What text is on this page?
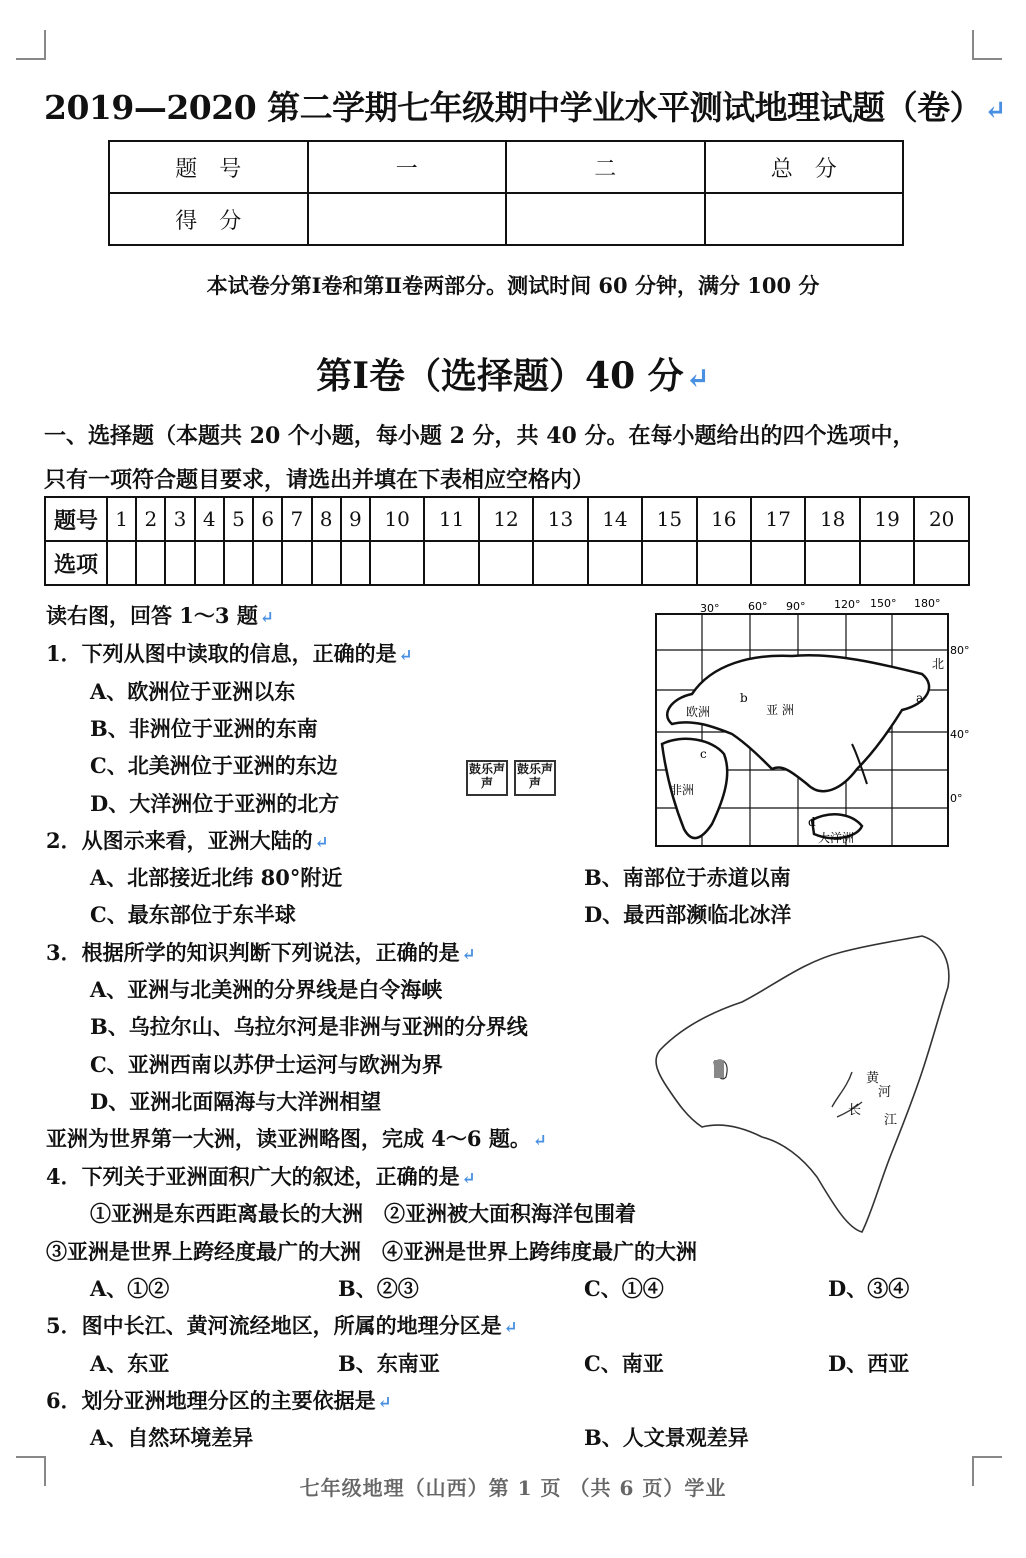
2019—2020 第二学期七年级期中学业水平测试地理试题（卷）↵
题　号	一	二	总　分
得　分			
本试卷分第Ⅰ卷和第Ⅱ卷两部分。测试时间 60 分钟，满分 100 分
第Ⅰ卷（选择题）40 分↵
一、选择题（本题共 20 个小题，每小题 2 分，共 40 分。在每小题给出的四个选项中，
只有一项符合题目要求，请选出并填在下表相应空格内）
题号	1	2	3	4	5	6	7	8	9	10	11	12	13	14	15	16	17	18	19	20
选项																				
30°	60° 90°	120° 150° 180°
80°
40°
0°
欧洲	亚 洲
非洲
大洋洲
北
a
b
c
d
黄
河
江
长
鼓乐声声
鼓乐声声
读右图，回答 1～3 题 ↵
1．下列从图中读取的信息，正确的是 ↵
A、欧洲位于亚洲以东
B、非洲位于亚洲的东南
C、北美洲位于亚洲的东边
D、大洋洲位于亚洲的北方
2．从图示来看，亚洲大陆的 ↵
A、北部接近北纬 80°附近	B、南部位于赤道以南
C、最东部位于东半球	D、最西部濒临北冰洋
3．根据所学的知识判断下列说法，正确的是 ↵
A、亚洲与北美洲的分界线是白令海峡
B、乌拉尔山、乌拉尔河是非洲与亚洲的分界线
C、亚洲西南以苏伊士运河与欧洲为界
D、亚洲北面隔海与大洋洲相望
亚洲为世界第一大洲，读亚洲略图，完成 4～6 题。 ↵
4．下列关于亚洲面积广大的叙述，正确的是 ↵
①亚洲是东西距离最长的大洲　②亚洲被大面积海洋包围着
③亚洲是世界上跨经度最广的大洲　④亚洲是世界上跨纬度最广的大洲
A、①②	B、②③	C、①④	D、③④
5．图中长江、黄河流经地区，所属的地理分区是 ↵
A、东亚	B、东南亚	C、南亚	D、西亚
6．划分亚洲地理分区的主要依据是 ↵
A、自然环境差异	B、人文景观差异
七年级地理（山西）第 1 页 （共 6 页）学业
